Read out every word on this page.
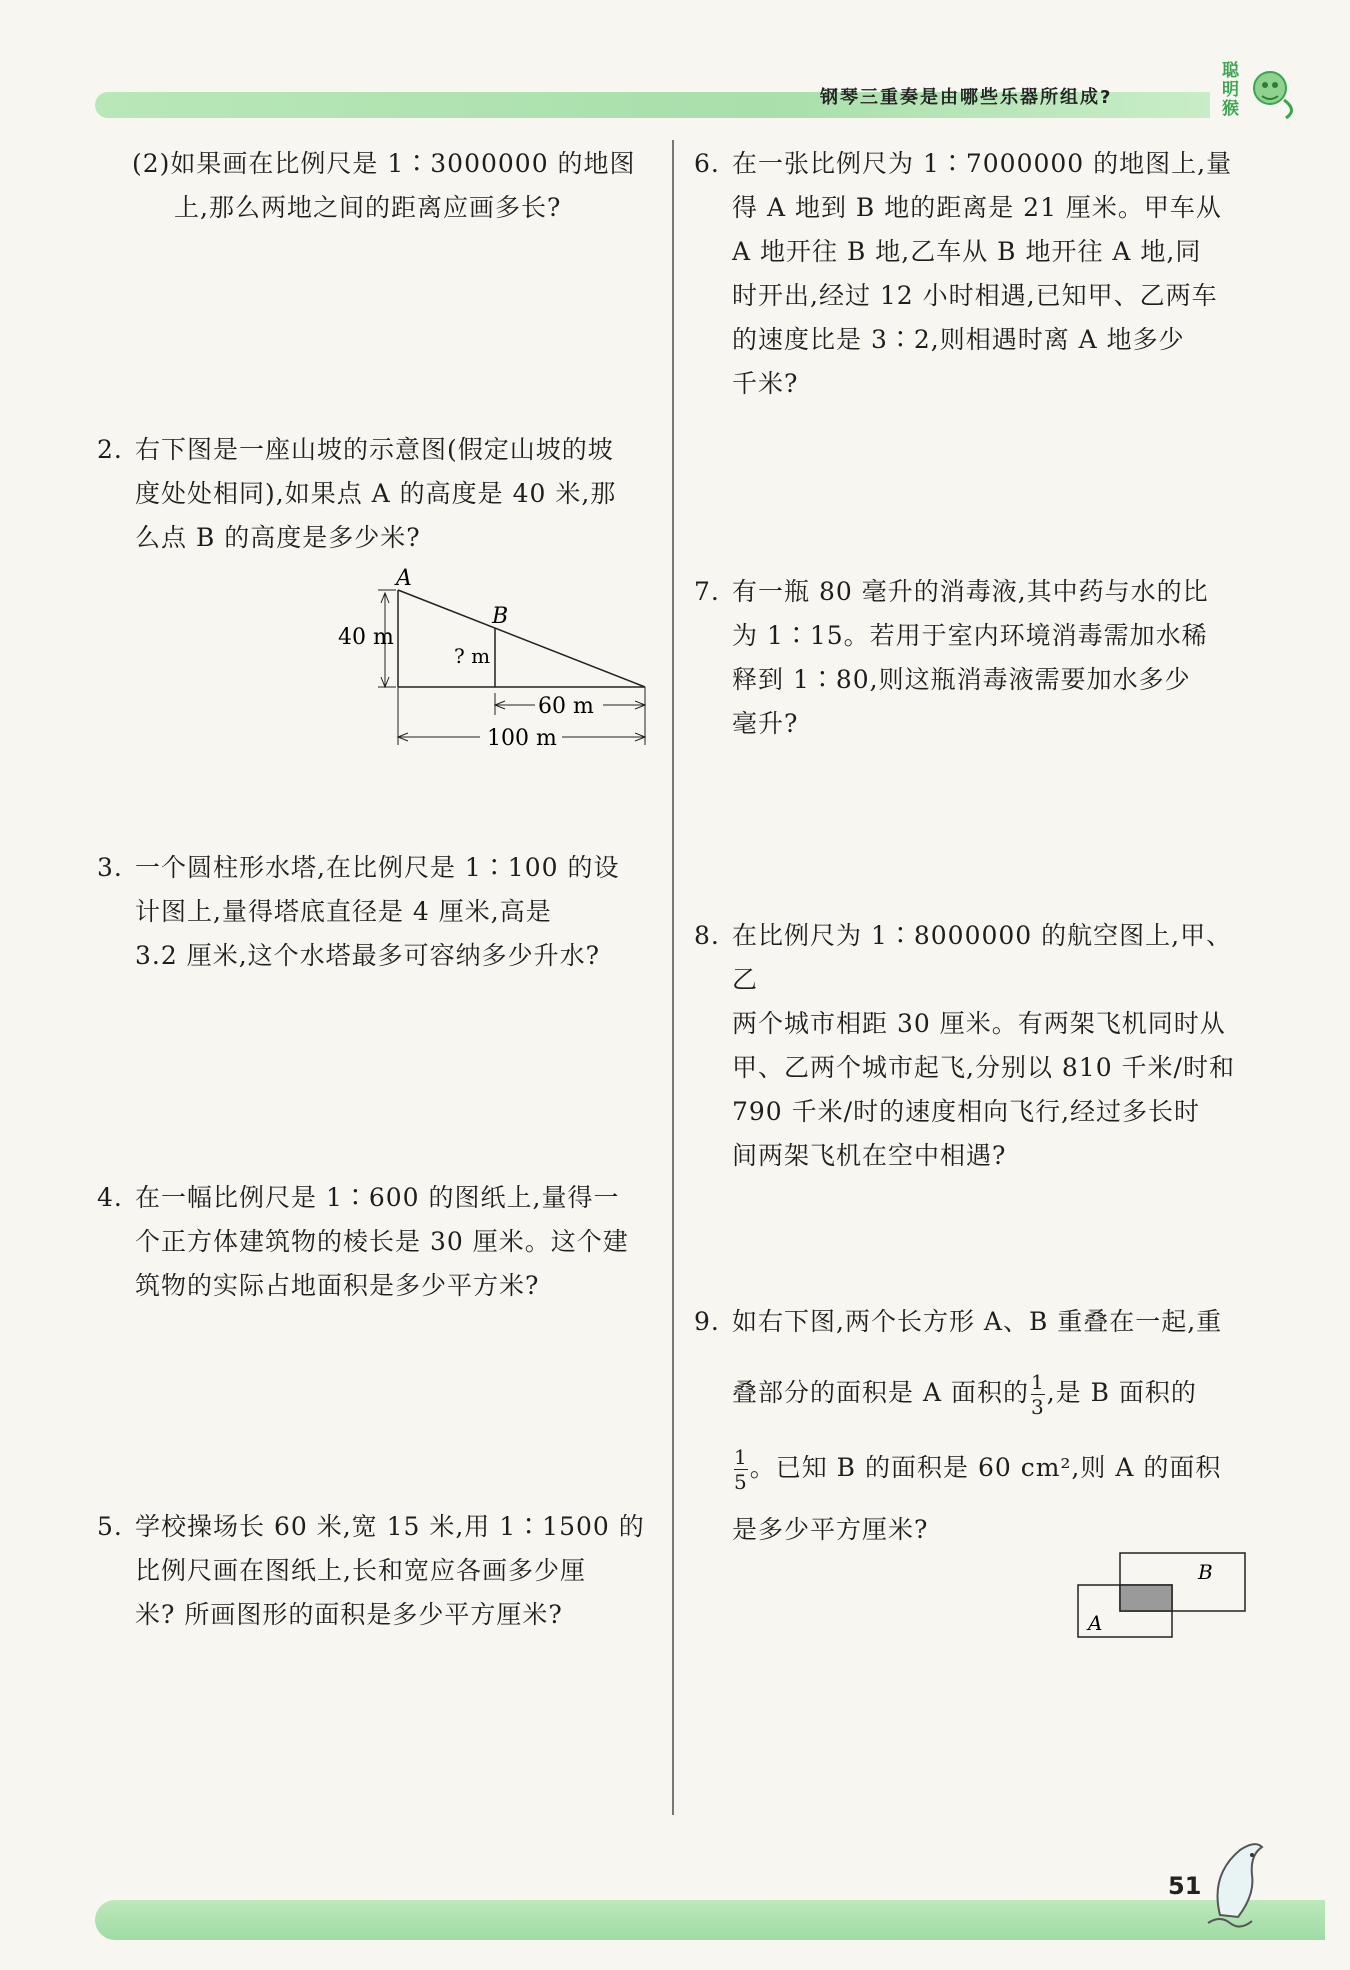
钢琴三重奏是由哪些乐器所组成?
聪
明
猴
(2)如果画在比例尺是 1∶3000000 的地图
上,那么两地之间的距离应画多长?
2. 右下图是一座山坡的示意图(假定山坡的坡
度处处相同),如果点 A 的高度是 40 米,那
么点 B 的高度是多少米?
A
B
40 m
? m
60 m
100 m
3. 一个圆柱形水塔,在比例尺是 1∶100 的设
计图上,量得塔底直径是 4 厘米,高是
3.2 厘米,这个水塔最多可容纳多少升水?
4. 在一幅比例尺是 1∶600 的图纸上,量得一
个正方体建筑物的棱长是 30 厘米。这个建
筑物的实际占地面积是多少平方米?
5. 学校操场长 60 米,宽 15 米,用 1∶1500 的
比例尺画在图纸上,长和宽应各画多少厘
米? 所画图形的面积是多少平方厘米?
6. 在一张比例尺为 1∶7000000 的地图上,量
得 A 地到 B 地的距离是 21 厘米。甲车从
A 地开往 B 地,乙车从 B 地开往 A 地,同
时开出,经过 12 小时相遇,已知甲、乙两车
的速度比是 3∶2,则相遇时离 A 地多少
千米?
7. 有一瓶 80 毫升的消毒液,其中药与水的比
为 1∶15。若用于室内环境消毒需加水稀
释到 1∶80,则这瓶消毒液需要加水多少
毫升?
8. 在比例尺为 1∶8000000 的航空图上,甲、乙
两个城市相距 30 厘米。有两架飞机同时从
甲、乙两个城市起飞,分别以 810 千米/时和
790 千米/时的速度相向飞行,经过多长时
间两架飞机在空中相遇?
9. 如右下图,两个长方形 A、B 重叠在一起,重
叠部分的面积是 A 面积的 $\frac{1}{3}$ ,是 B 面积的
$\frac{1}{5}$ 。已知 B 的面积是 60 cm²,则 A 的面积
是多少平方厘米?
B
A
51
